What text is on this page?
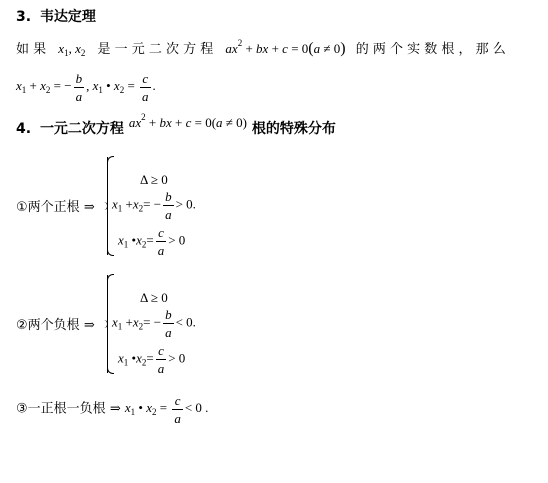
3. 韦达定理
如 果 $x_1$, $x_2$ 是 一 元 二 次 方 程 $ax^2$ + bx + c = 0(a ≠ 0) 的 两 个 实 数 根 ， 那 么
$x_1 + x_2$ = − $\frac{b}{a}$ , $x_1$ • $x_2 = \frac{c}{a}$ .
4. 一元二次方程 $ax^2$ + bx + c = 0(a ≠ 0) 根的特殊分布
①两个正根 ⇒
Δ ≥ 0
$x_1 +x_2= - \frac{b}{a} > 0$.
$x_1$ $•x_2= \frac{c}{a} > 0$
②两个负根 ⇒
Δ ≥ 0
$x_1 +x_2= - \frac{b}{a} < 0$.
$x_1$ $•x_2= \frac{c}{a} > 0$
③一正根一负根 ⇒ $x_1$ • $x_2 = \frac{c}{a} < 0$ .
